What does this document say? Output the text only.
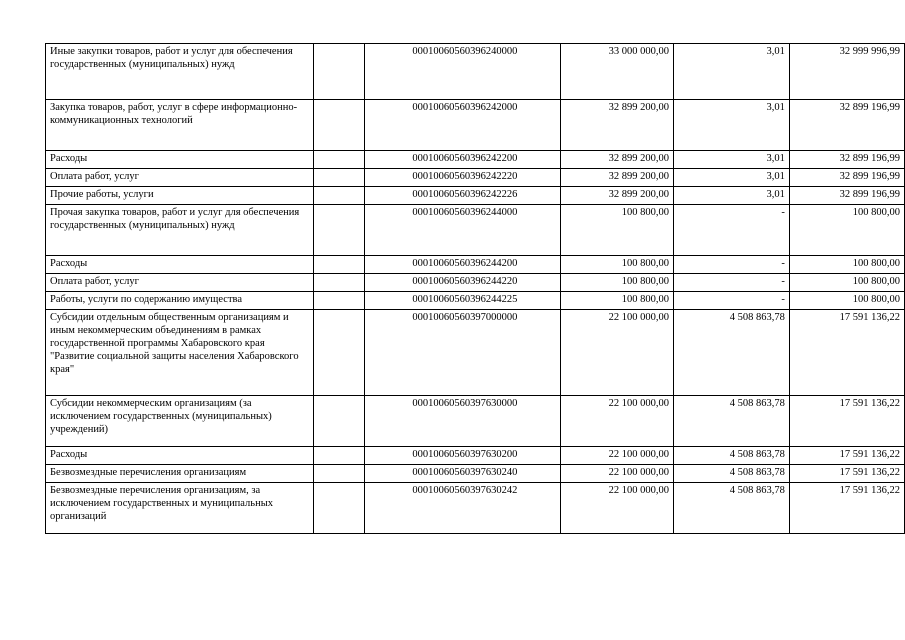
Иные закупки товаров, работ и услуг для обеспечения государственных (муниципальных) нужд		00010060560396240000	33 000 000,00	3,01	32 999 996,99
Закупка товаров, работ, услуг в сфере информационно-коммуникационных технологий		00010060560396242000	32 899 200,00	3,01	32 899 196,99
Расходы		00010060560396242200	32 899 200,00	3,01	32 899 196,99
Оплата работ, услуг		00010060560396242220	32 899 200,00	3,01	32 899 196,99
Прочие работы, услуги		00010060560396242226	32 899 200,00	3,01	32 899 196,99
Прочая закупка товаров, работ и услуг для обеспечения государственных (муниципальных) нужд		00010060560396244000	100 800,00	-	100 800,00
Расходы		00010060560396244200	100 800,00	-	100 800,00
Оплата работ, услуг		00010060560396244220	100 800,00	-	100 800,00
Работы, услуги по содержанию имущества		00010060560396244225	100 800,00	-	100 800,00
Субсидии отдельным общественным организациям и иным некоммерческим объединениям в рамках государственной программы Хабаровского края "Развитие социальной защиты населения Хабаровского края"		00010060560397000000	22 100 000,00	4 508 863,78	17 591 136,22
Субсидии некоммерческим организациям (за исключением государственных (муниципальных) учреждений)		00010060560397630000	22 100 000,00	4 508 863,78	17 591 136,22
Расходы		00010060560397630200	22 100 000,00	4 508 863,78	17 591 136,22
Безвозмездные перечисления организациям		00010060560397630240	22 100 000,00	4 508 863,78	17 591 136,22
Безвозмездные перечисления организациям, за исключением государственных и муниципальных организаций		00010060560397630242	22 100 000,00	4 508 863,78	17 591 136,22
